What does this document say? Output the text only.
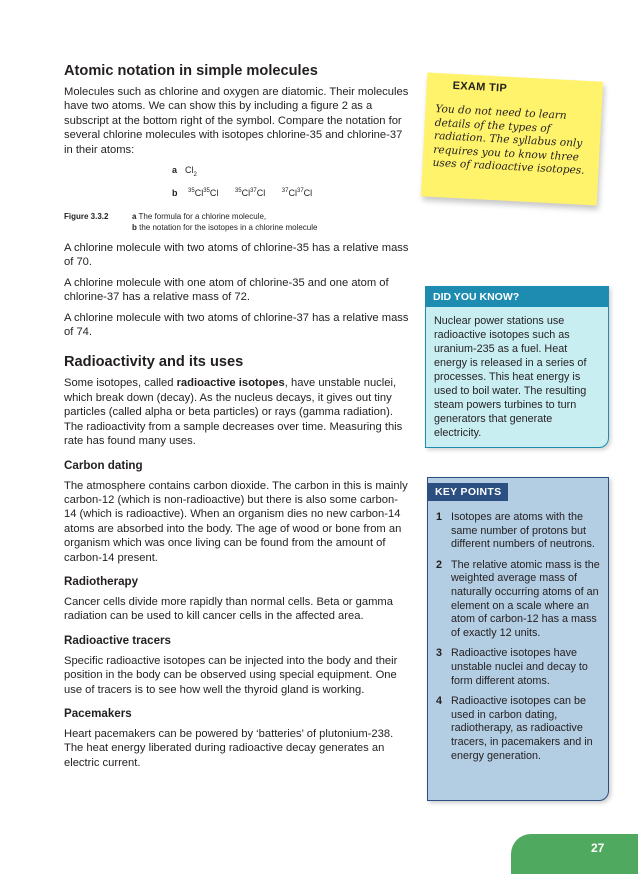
Atomic notation in simple molecules

Molecules such as chlorine and oxygen are diatomic. Their molecules have two atoms. We can show this by including a figure 2 as a subscript at the bottom right of the symbol. Compare the notation for several chlorine molecules with isotopes chlorine-35 and chlorine-37 in their atoms:

a $Cl_2$
b $^{35}$Cl$^{35}$Cl	$^{35}$Cl$^{37}$Cl	$^{37}$Cl$^{37}$Cl
Figure 3.3.2	a The formula for a chlorine molecule,
b the notation for the isotopes in a chlorine molecule

A chlorine molecule with two atoms of chlorine-35 has a relative mass of 70.

A chlorine molecule with one atom of chlorine-35 and one atom of chlorine-37 has a relative mass of 72.

A chlorine molecule with two atoms of chlorine-37 has a relative mass of 74.

Radioactivity and its uses

Some isotopes, called radioactive isotopes, have unstable nuclei, which break down (decay). As the nucleus decays, it gives out tiny particles (called alpha or beta particles) or rays (gamma radiation). The radioactivity from a sample decreases over time. Measuring this rate has found many uses.

Carbon dating

The atmosphere contains carbon dioxide. The carbon in this is mainly carbon-12 (which is non-radioactive) but there is also some carbon-14 (which is radioactive). When an organism dies no new carbon-14 atoms are absorbed into the body. The age of wood or bone from an organism which was once living can be found from the amount of carbon-14 present.

Radiotherapy

Cancer cells divide more rapidly than normal cells. Beta or gamma radiation can be used to kill cancer cells in the affected area.

Radioactive tracers

Specific radioactive isotopes can be injected into the body and their position in the body can be observed using special equipment. One use of tracers is to see how well the thyroid gland is working.

Pacemakers

Heart pacemakers can be powered by ‘batteries’ of plutonium-238. The heat energy liberated during radioactive decay generates an electric current.

EXAM TIP
You do not need to learn details of the types of radiation. The syllabus only requires you to know three uses of radioactive isotopes.
DID YOU KNOW?
Nuclear power stations use radioactive isotopes such as uranium-235 as a fuel. Heat energy is released in a series of processes. This heat energy is used to boil water. The resulting steam powers turbines to turn generators that generate electricity.
KEY POINTS
1 Isotopes are atoms with the same number of protons but different numbers of neutrons.
2 The relative atomic mass is the weighted average mass of naturally occurring atoms of an element on a scale where an atom of carbon-12 has a mass of exactly 12 units.
3 Radioactive isotopes have unstable nuclei and decay to form different atoms.
4 Radioactive isotopes can be used in carbon dating, radiotherapy, as radioactive tracers, in pacemakers and in energy generation.
27
